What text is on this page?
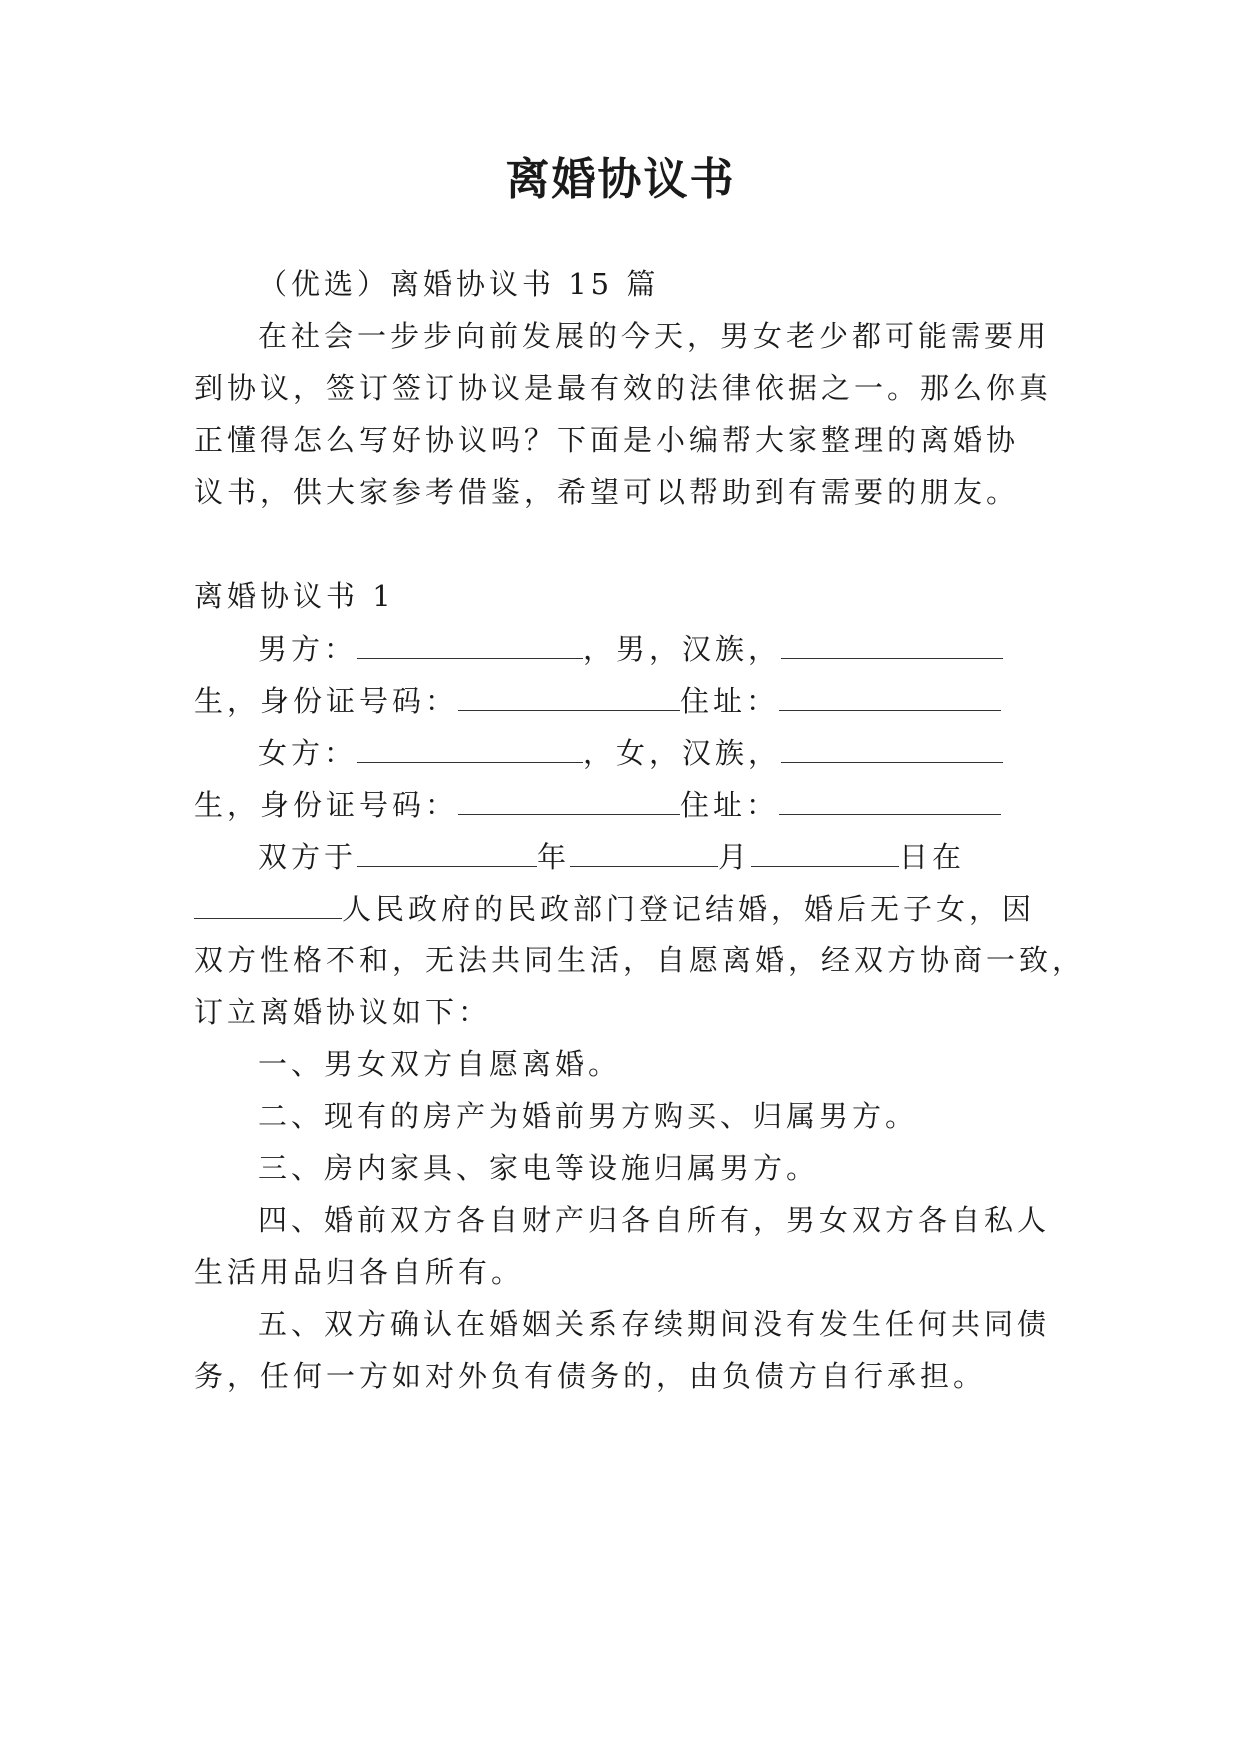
离婚协议书
（优选）离婚协议书 15 篇
在社会一步步向前发展的今天，男女老少都可能需要用
到协议，签订签订协议是最有效的法律依据之一。那么你真
正懂得怎么写好协议吗？下面是小编帮大家整理的离婚协
议书，供大家参考借鉴，希望可以帮助到有需要的朋友。
离婚协议书 1
男方：	，男，汉族，
生，身份证号码：	住址：
女方：	，女，汉族，
生，身份证号码：	住址：
双方于	年	月	日在
人民政府的民政部门登记结婚，婚后无子女，因
双方性格不和，无法共同生活，自愿离婚，经双方协商一致，
订立离婚协议如下：
一、男女双方自愿离婚。
二、现有的房产为婚前男方购买、归属男方。
三、房内家具、家电等设施归属男方。
四、婚前双方各自财产归各自所有，男女双方各自私人
生活用品归各自所有。
五、双方确认在婚姻关系存续期间没有发生任何共同债
务，任何一方如对外负有债务的，由负债方自行承担。
